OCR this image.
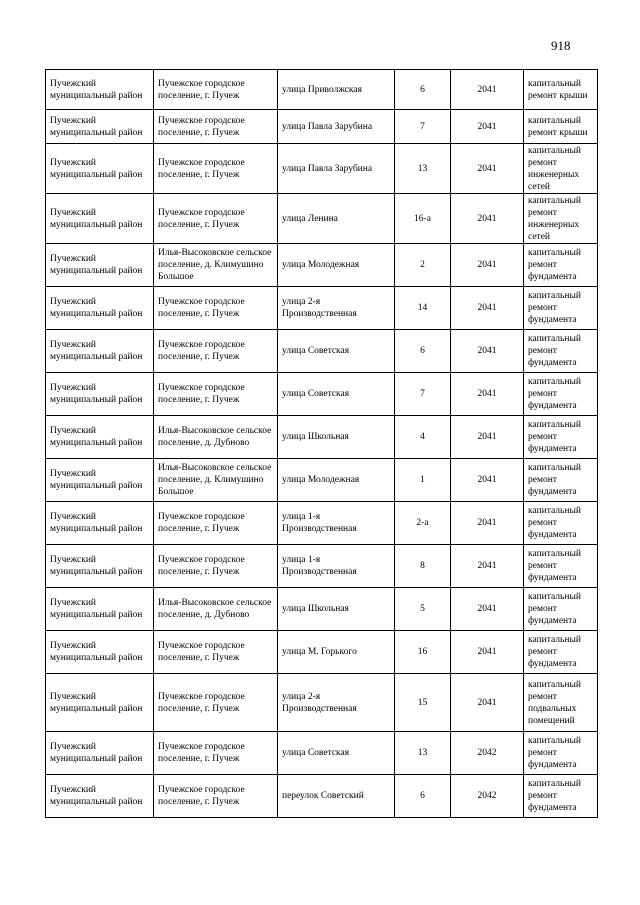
918
Пучежский муниципальный район	Пучежское городское поселение, г. Пучеж	улица Приволжская	6	2041	капитальный ремонт крыши
Пучежский муниципальный район	Пучежское городское поселение, г. Пучеж	улица Павла Зарубина	7	2041	капитальный ремонт крыши
Пучежский муниципальный район	Пучежское городское поселение, г. Пучеж	улица Павла Зарубина	13	2041	капитальный ремонт инженерных сетей
Пучежский муниципальный район	Пучежское городское поселение, г. Пучеж	улица Ленина	16-а	2041	капитальный ремонт инженерных сетей
Пучежский муниципальный район	Илья-Высоковское сельское поселение, д. Климушино Большое	улица Молодежная	2	2041	капитальный ремонт фундамента
Пучежский муниципальный район	Пучежское городское поселение, г. Пучеж	улица 2-я Производственная	14	2041	капитальный ремонт фундамента
Пучежский муниципальный район	Пучежское городское поселение, г. Пучеж	улица Советская	6	2041	капитальный ремонт фундамента
Пучежский муниципальный район	Пучежское городское поселение, г. Пучеж	улица Советская	7	2041	капитальный ремонт фундамента
Пучежский муниципальный район	Илья-Высоковское сельское поселение, д. Дубново	улица Школьная	4	2041	капитальный ремонт фундамента
Пучежский муниципальный район	Илья-Высоковское сельское поселение, д. Климушино Большое	улица Молодежная	1	2041	капитальный ремонт фундамента
Пучежский муниципальный район	Пучежское городское поселение, г. Пучеж	улица 1-я Производственная	2-а	2041	капитальный ремонт фундамента
Пучежский муниципальный район	Пучежское городское поселение, г. Пучеж	улица 1-я Производственная	8	2041	капитальный ремонт фундамента
Пучежский муниципальный район	Илья-Высоковское сельское поселение, д. Дубново	улица Школьная	5	2041	капитальный ремонт фундамента
Пучежский муниципальный район	Пучежское городское поселение, г. Пучеж	улица М. Горького	16	2041	капитальный ремонт фундамента
Пучежский муниципальный район	Пучежское городское поселение, г. Пучеж	улица 2-я Производственная	15	2041	капитальный ремонт подвальных помещений
Пучежский муниципальный район	Пучежское городское поселение, г. Пучеж	улица Советская	13	2042	капитальный ремонт фундамента
Пучежский муниципальный район	Пучежское городское поселение, г. Пучеж	переулок Советский	6	2042	капитальный ремонт фундамента
